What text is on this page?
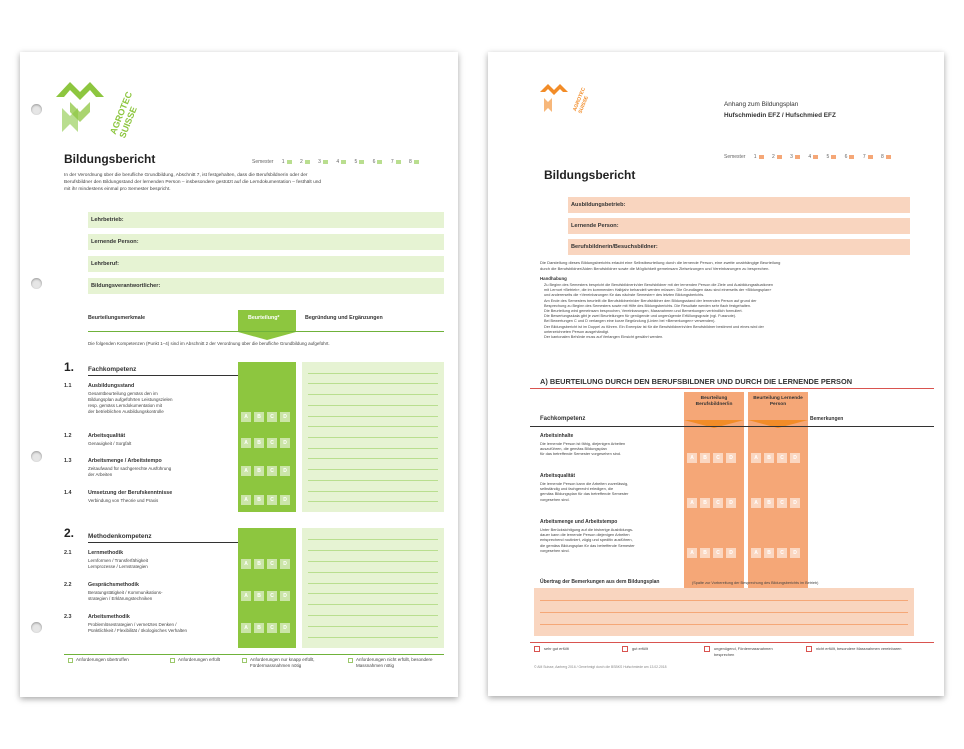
AGROTEC SUISSE
Bildungsbericht	Semester 1	2	3	4	5	6	7	8
In der Verordnung über die berufliche Grundbildung, Abschnitt 7, ist festgehalten, dass die Berufsbildnerin oder der
Berufsbildner den Bildungsstand der lernenden Person – insbesondere gestützt auf die Lerndokumentation – festhält und
mit ihr mindestens einmal pro Semester bespricht.
Lehrbetrieb:
Lernende Person:
Lehrberuf:
Bildungsverantwortlicher:
Beurteilung*
Beurteilungsmerkmale	Begründung und Ergänzungen
Die folgenden Kompetenzen (Punkt 1–4) sind im Abschnitt 2 der Verordnung über die berufliche Grundbildung aufgeführt.
1. Fachkompetenz
1.1	Ausbildungsstand
Gesamtbeurteilung gemäss den im
Bildungsplan aufgeführten Leistungszielen
resp. gemäss Lerndokumentation mit
der betrieblichen Ausbildungskontrolle
A	B	C	D
1.2	Arbeitsqualität
Genauigkeit / Sorgfalt	A	B	C	D
1.3	Arbeitsmenge / Arbeitstempo
Zeitaufwand für sachgerechte Ausführung
der Arbeiten
A	B	C	D
1.4	Umsetzung der Berufskenntnisse
Verbindung von Theorie und Praxis	A	B	C	D
2. Methodenkompetenz
2.1	Lernmethodik
Lernformen / Transferfähigkeit
Lernprozesse / Lernstrategien	A	B	C	D
2.2	Gesprächsmethodik
Beratungstätigkeit / Kommunikations-
strategien / Erklärungstechniken	A	B	C	D
2.3	Arbeitsmethodik
Problemlösestrategien / vernetztes Denken /
Pünktlichkeit / Flexibilität / ökologisches Verhalten	A	B	C	D
Anforderungen übertroffen	Anforderungen erfüllt	Anforderungen nur knapp erfüllt, Fördermassnahmen nötig
Anforderungen nicht erfüllt, besondere Massnahmen nötig
AGROTEC SUISSE	Anhang zum Bildungsplan
Hufschmiedin EFZ / Hufschmied EFZ
Semester 1	2	3	4	5	6	7	8
Bildungsbericht
Ausbildungsbetrieb:
Lernende Person:
Berufsbildnerin/Besuchsbildner:
Die Darstellung dieses Bildungsberichts erlaubt eine Selbstbeurteilung durch die lernende Person, eine zweite unabhängige Beurteilung
durch die Berufsbildner/Aiden Berufsbildner sowie die Möglichkeit gemeinsam Zielsetzungen und Vereinbarungen zu besprechen.
Handhabung
Zu Beginn des Semesters bespricht die Berufsbildnerin/der Berufsbildner mit der lernenden Person die Ziele und Ausbildungssituationen
mit Lernort «Betrieb», die im kommenden Halbjahr behandelt werden müssen. Die Grundlagen dazu sind einerseits der «Bildungsplan»
und andererseits die «Vereinbarungen für das nächste Semester» des letzten Bildungsberichts.
Am Ende des Semesters beurteilt die Berufsbildnerin/der Berufsbildner den Bildungsstand der lernenden Person auf grund der
Besprechung zu Beginn des Semesters sowie mit Hilfe des Bildungsberichts. Die Resultate werden sehr flach festgehalten.
Die Beurteilung wird gemeinsam besprochen, Vereinbarungen, Massnahmen und Bemerkungen verbindlich formuliert.
Die Bewertungsskala gibt je zwei Beurteilungen für genügende und ungenügende Erfüllungsgrade (vgl. Fussnote).
Bei Bewertungen C und D verlangen eine kurze Begründung (Linien bei «Bemerkungen» verwenden).
Der Bildungsbericht ist im Doppel zu führen. Ein Exemplar ist für die Berufsbildnerin/den Berufsbildner bestimmt und eines wird der
unterzeichneten Person ausgehändigt.
Der kantonalen Behörde muss auf Verlangen Einsicht gewährt werden.
A) BEURTEILUNG DURCH DEN BERUFSBILDNER UND DURCH DIE LERNENDE PERSON
Beurteilung Berufsbildner/in
Beurteilung Lernende Person
Fachkompetenz	Bemerkungen
Arbeitsinhalte
Die lernende Person ist fähig, diejenigen Arbeiten
auszuführen, die gemäss Bildungsplan
für das betreffende Semester vorgesehen sind.
A	B	C	D	A	B	C	D
Arbeitsqualität
Die lernende Person kann die Arbeiten zuverlässig,
selbständig und fachgerecht erledigen, die
gemäss Bildungsplan für das betreffende Semester
vorgesehen sind.
A	B	C	D	A	B	C	D
Arbeitsmenge und Arbeitstempo
Unter Berücksichtigung auf die bisherige Ausbildungs-
dauer kann die lernende Person diejenigen Arbeiten
entsprechend routiniert, zügig und speditiv ausführen,
die gemäss Bildungsplan für das betreffende Semester
vorgesehen sind.	A	B	C	D	A	B	C	D
Übertrag der Bemerkungen aus dem Bildungsplan	(Spalte zur Vorbereitung der Besprechung des Bildungsberichts im Betrieb)
sehr gut erfüllt	gut erfüllt	ungenügend, Fördermassnahmen besprechen
nicht erfüllt, besondere Massnahmen vereinbaren
© AM Suisse, Aarberg 2016 / Genehmigt durch die BSBKS Hufschmiede am 13.02.2018
